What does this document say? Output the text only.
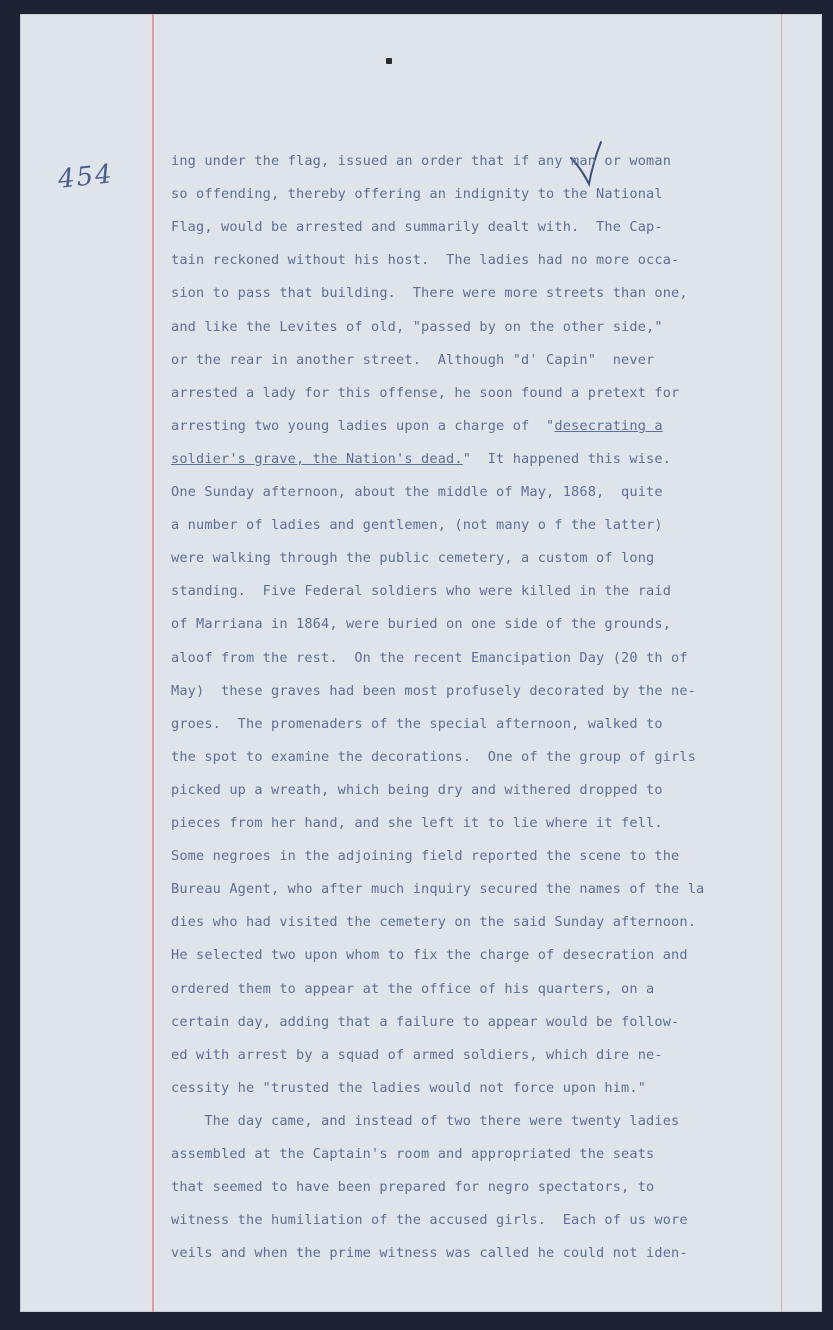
454	ing under the flag, issued an order that if any man or woman
so offending, thereby offering an indignity to the National
Flag, would be arrested and summarily dealt with.  The Cap-
tain reckoned without his host.  The ladies had no more occa-
sion to pass that building.  There were more streets than one,
and like the Levites of old, "passed by on the other side,"
or the rear in another street.  Although "d' Capin"  never
arrested a lady for this offense, he soon found a pretext for
arresting two young ladies upon a charge of  "desecrating a
soldier's grave, the Nation's dead."  It happened this wise.
One Sunday afternoon, about the middle of May, 1868,  quite
a number of ladies and gentlemen, (not many o f the latter)
were walking through the public cemetery, a custom of long
standing.  Five Federal soldiers who were killed in the raid
of Marriana in 1864, were buried on one side of the grounds,
aloof from the rest.  On the recent Emancipation Day (20 th of
May)  these graves had been most profusely decorated by the ne-
groes.  The promenaders of the special afternoon, walked to
the spot to examine the decorations.  One of the group of girls
picked up a wreath, which being dry and withered dropped to
pieces from her hand, and she left it to lie where it fell.
Some negroes in the adjoining field reported the scene to the
Bureau Agent, who after much inquiry secured the names of the la
dies who had visited the cemetery on the said Sunday afternoon.
He selected two upon whom to fix the charge of desecration and
ordered them to appear at the office of his quarters, on a
certain day, adding that a failure to appear would be follow-
ed with arrest by a squad of armed soldiers, which dire ne-
cessity he "trusted the ladies would not force upon him."
The day came, and instead of two there were twenty ladies
assembled at the Captain's room and appropriated the seats
that seemed to have been prepared for negro spectators, to
witness the humiliation of the accused girls.  Each of us wore
veils and when the prime witness was called he could not iden-
